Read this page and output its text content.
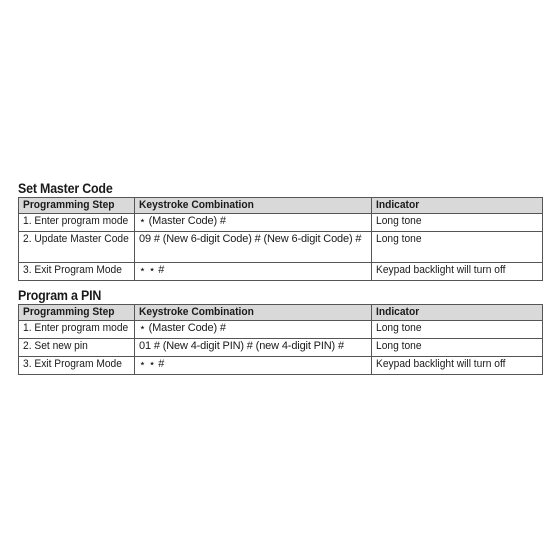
Set Master Code
Programming Step	Keystroke Combination	Indicator
1. Enter program mode	⋆ (Master Code) #	Long tone
2. Update Master Code	09 # (New 6-digit Code) # (New 6-digit Code) #	Long tone
3. Exit Program Mode	⋆ ⋆ #	Keypad backlight will turn off
Program a PIN
Programming Step	Keystroke Combination	Indicator
1. Enter program mode	⋆ (Master Code) #	Long tone
2. Set new pin	01 # (New 4-digit PIN) # (new 4-digit PIN) #	Long tone
3. Exit Program Mode	⋆ ⋆ #	Keypad backlight will turn off
